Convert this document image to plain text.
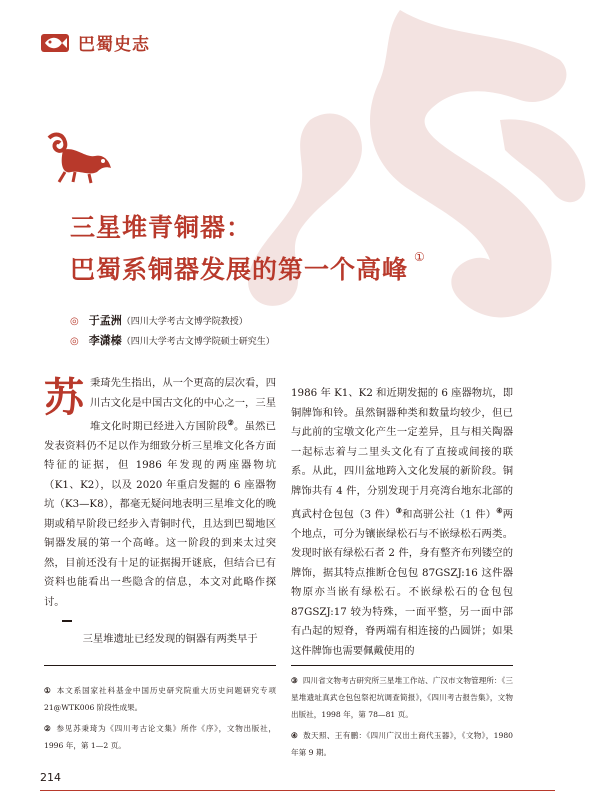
巴蜀史志
三星堆青铜器：
巴蜀系铜器发展的第一个高峰 ①
◎ 于孟洲（四川大学考古文博学院教授）
◎ 李潇榛（四川大学考古文博学院硕士研究生）

苏秉琦先生指出，从一个更高的层次看，四川古文化是中国古文化的中心之一，三星堆文化时期已经进入方国阶段②。虽然已发表资料仍不足以作为细致分析三星堆文化各方面特征的证据，但 1986 年发现的两座器物坑（K1、K2），以及 2020 年重启发掘的 6 座器物坑（K3—K8），都毫无疑问地表明三星堆文化的晚期或稍早阶段已经步入青铜时代，且达到巴蜀地区铜器发展的第一个高峰。这一阶段的到来太过突然，目前还没有十足的证据揭开谜底，但结合已有资料也能看出一些隐含的信息，本文对此略作探讨。

三星堆遗址已经发现的铜器有两类早于

1986 年 K1、K2 和近期发掘的 6 座器物坑，即铜牌饰和铃。虽然铜器种类和数量均较少，但已与此前的宝墩文化产生一定差异，且与相关陶器一起标志着与二里头文化有了直接或间接的联系。从此，四川盆地跨入文化发展的新阶段。铜牌饰共有 4 件，分别发现于月亮湾台地东北部的真武村仓包包（3 件）③和高骈公社（1 件）④两个地点，可分为镶嵌绿松石与不嵌绿松石两类。发现时嵌有绿松石者 2 件，身有整齐布列镂空的牌饰，据其特点推断仓包包 87GSZJ:16 这件器物原亦当嵌有绿松石。不嵌绿松石的仓包包 87GSZJ:17 较为特殊，一面平整，另一面中部有凸起的短脊，脊两端有相连接的凸圆饼；如果这件牌饰也需要佩戴使用的

① 本文系国家社科基金中国历史研究院重大历史问题研究专项 21@WTK006 阶段性成果。

② 参见苏秉琦为《四川考古论文集》所作《序》，文物出版社，1996 年，第 1—2 页。

③ 四川省文物考古研究所三星堆工作站、广汉市文物管理所：《三星堆遗址真武仓包包祭祀坑调查简报》，《四川考古报告集》，文物出版社，1998 年，第 78—81 页。

④ 敖天照、王有鹏：《四川广汉出土商代玉器》，《文物》，1980 年第 9 期。

214
